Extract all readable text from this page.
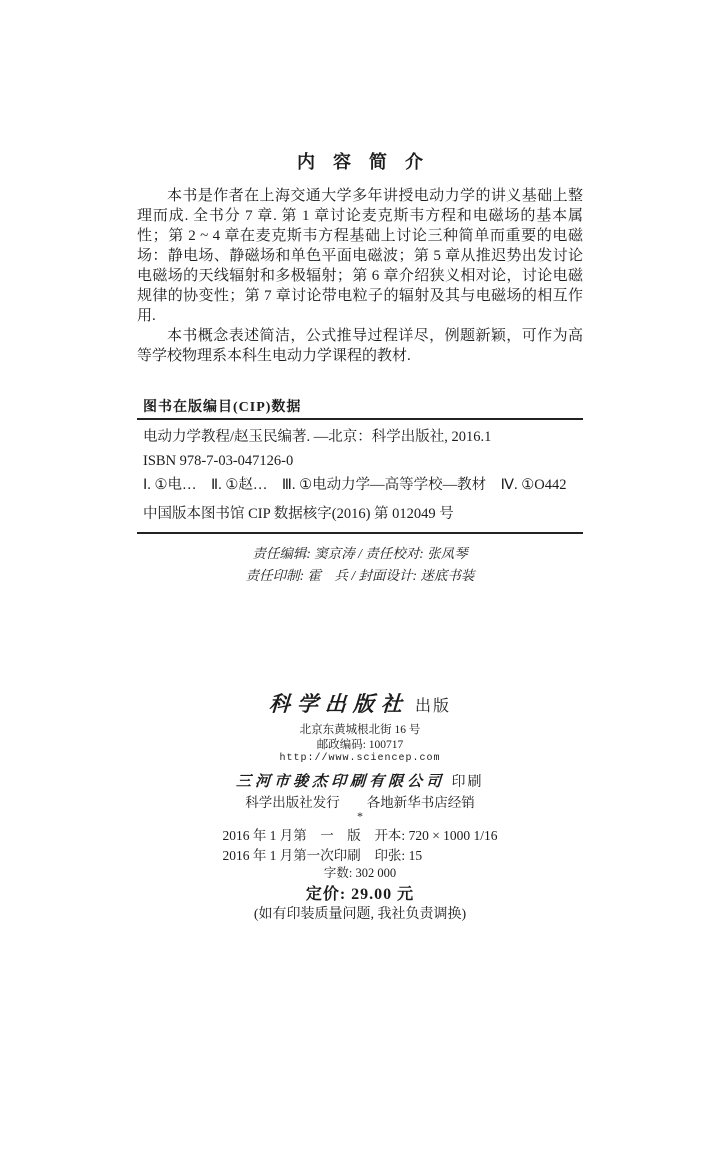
内　容　简　介

本书是作者在上海交通大学多年讲授电动力学的讲义基础上整理而成. 全书分 7 章. 第 1 章讨论麦克斯韦方程和电磁场的基本属性；第 2 ~ 4 章在麦克斯韦方程基础上讨论三种简单而重要的电磁场：静电场、静磁场和单色平面电磁波；第 5 章从推迟势出发讨论电磁场的天线辐射和多极辐射；第 6 章介绍狭义相对论，讨论电磁规律的协变性；第 7 章讨论带电粒子的辐射及其与电磁场的相互作用.

本书概念表述简洁，公式推导过程详尽，例题新颖，可作为高等学校物理系本科生电动力学课程的教材.

图书在版编目(CIP)数据
电动力学教程/赵玉民编著. —北京：科学出版社, 2016.1
ISBN 978-7-03-047126-0
Ⅰ. ①电…　Ⅱ. ①赵…　Ⅲ. ①电动力学—高等学校—教材　Ⅳ. ①O442
中国版本图书馆 CIP 数据核字(2016) 第 012049 号
责任编辑: 窦京涛 / 责任校对: 张凤琴
责任印制: 霍　兵 / 封面设计: 迷底书装
科学出版社 出版
北京东黄城根北街 16 号
邮政编码: 100717
http://www.sciencep.com
三河市骏杰印刷有限公司 印刷
科学出版社发行　　各地新华书店经销
*
2016 年 1 月第　一　版	开本: 720 × 1000 1/16
2016 年 1 月第一次印刷	印张: 15
字数: 302 000
定价: 29.00 元
(如有印装质量问题, 我社负责调换)
